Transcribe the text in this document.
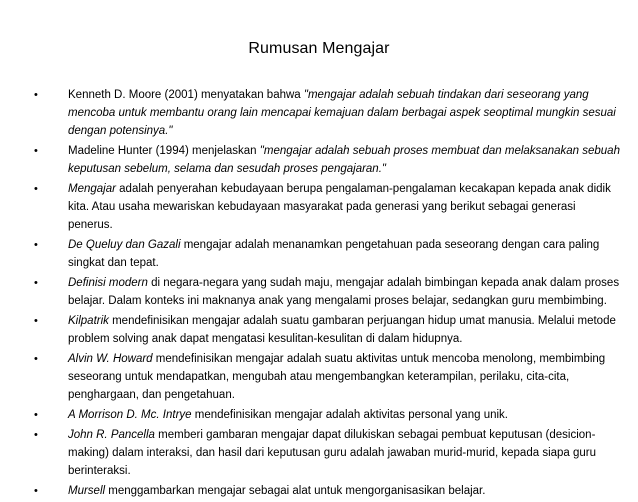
Rumusan Mengajar
•	Kenneth D. Moore (2001) menyatakan bahwa "mengajar adalah sebuah tindakan dari seseorang yang mencoba untuk membantu orang lain mencapai kemajuan dalam berbagai aspek seoptimal mungkin sesuai dengan potensinya."
•	Madeline Hunter (1994) menjelaskan "mengajar adalah sebuah proses membuat dan melaksanakan sebuah keputusan sebelum, selama dan sesudah proses pengajaran."
•	Mengajar adalah penyerahan kebudayaan berupa pengalaman-pengalaman kecakapan kepada anak didik kita. Atau usaha mewariskan kebudayaan masyarakat pada generasi yang berikut sebagai generasi penerus.
•	De Queluy dan Gazali mengajar adalah menanamkan pengetahuan pada seseorang dengan cara paling singkat dan tepat.
•	Definisi modern di negara-negara yang sudah maju, mengajar adalah bimbingan kepada anak dalam proses belajar. Dalam konteks ini maknanya anak yang mengalami proses belajar, sedangkan guru membimbing.
•	Kilpatrik mendefinisikan mengajar adalah suatu gambaran perjuangan hidup umat manusia. Melalui metode problem solving anak dapat mengatasi kesulitan-kesulitan di dalam hidupnya.
•	Alvin W. Howard mendefinisikan mengajar adalah suatu aktivitas untuk mencoba menolong, membimbing seseorang untuk mendapatkan, mengubah atau mengembangkan keterampilan, perilaku, cita-cita, penghargaan, dan pengetahuan.
•	A Morrison D. Mc. Intrye mendefinisikan mengajar adalah aktivitas personal yang unik.
•	John R. Pancella memberi gambaran mengajar dapat dilukiskan sebagai pembuat keputusan (desicion-making) dalam interaksi, dan hasil dari keputusan guru adalah jawaban murid-murid, kepada siapa guru berinteraksi.
•	Mursell menggambarkan mengajar sebagai alat untuk mengorganisasikan belajar.
